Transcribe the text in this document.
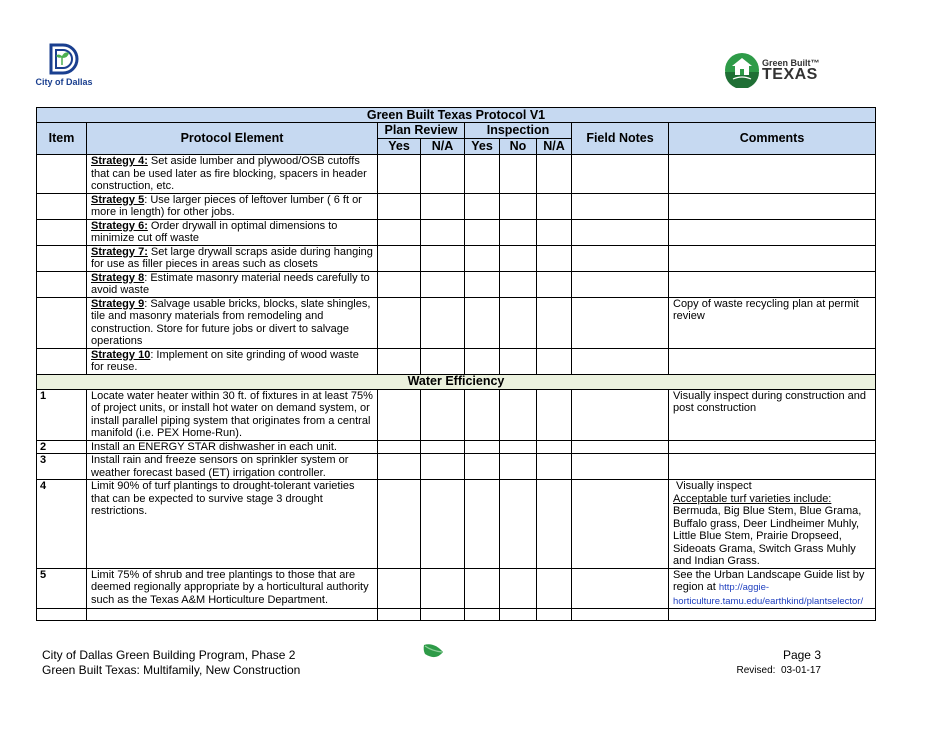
City of Dallas
Green Built™
TEXAS
Green Built Texas Protocol V1								
Item	Protocol Element	Plan Review		Inspection			Field Notes	Comments
		Yes	N/A	Yes	No	N/A		
	Strategy 4: Set aside lumber and plywood/OSB cutoffs that can be used later as fire blocking, spacers in header construction, etc.							
	Strategy 5: Use larger pieces of leftover lumber ( 6 ft or more in length) for other jobs.							
	Strategy 6: Order drywall in optimal dimensions to minimize cut off waste							
	Strategy 7: Set large drywall scraps aside during hanging for use as filler pieces in areas such as closets							
	Strategy 8: Estimate masonry material needs carefully to avoid waste							
	Strategy 9: Salvage usable bricks, blocks, slate shingles, tile and masonry materials from remodeling and construction. Store for future jobs or divert to salvage operations							Copy of waste recycling plan at permit review
	Strategy 10: Implement on site grinding of wood waste for reuse.							
Water Efficiency								
1	Locate water heater within 30 ft. of fixtures in at least 75% of project units, or install hot water on demand system, or install parallel piping system that originates from a central manifold (i.e. PEX Home-Run).							Visually inspect during construction and post construction
2	Install an ENERGY STAR dishwasher in each unit.							
3	Install rain and freeze sensors on sprinkler system or weather forecast based (ET) irrigation controller.							
4	Limit 90% of turf plantings to drought-tolerant varieties that can be expected to survive stage 3 drought restrictions.							Visually inspect
Acceptable turf varieties include:
Bermuda, Big Blue Stem, Blue Grama, Buffalo grass, Deer Lindheimer Muhly, Little Blue Stem, Prairie Dropseed, Sideoats Grama, Switch Grass Muhly and Indian Grass.
5	Limit 75% of shrub and tree plantings to those that are deemed regionally appropriate by a horticultural authority such as the Texas A&M Horticulture Department.							See the Urban Landscape Guide list by region at http://aggie-horticulture.tamu.edu/earthkind/plantselector/

City of Dallas Green Building Program, Phase 2
Green Built Texas: Multifamily, New Construction
Page 3
Revised:  03-01-17
